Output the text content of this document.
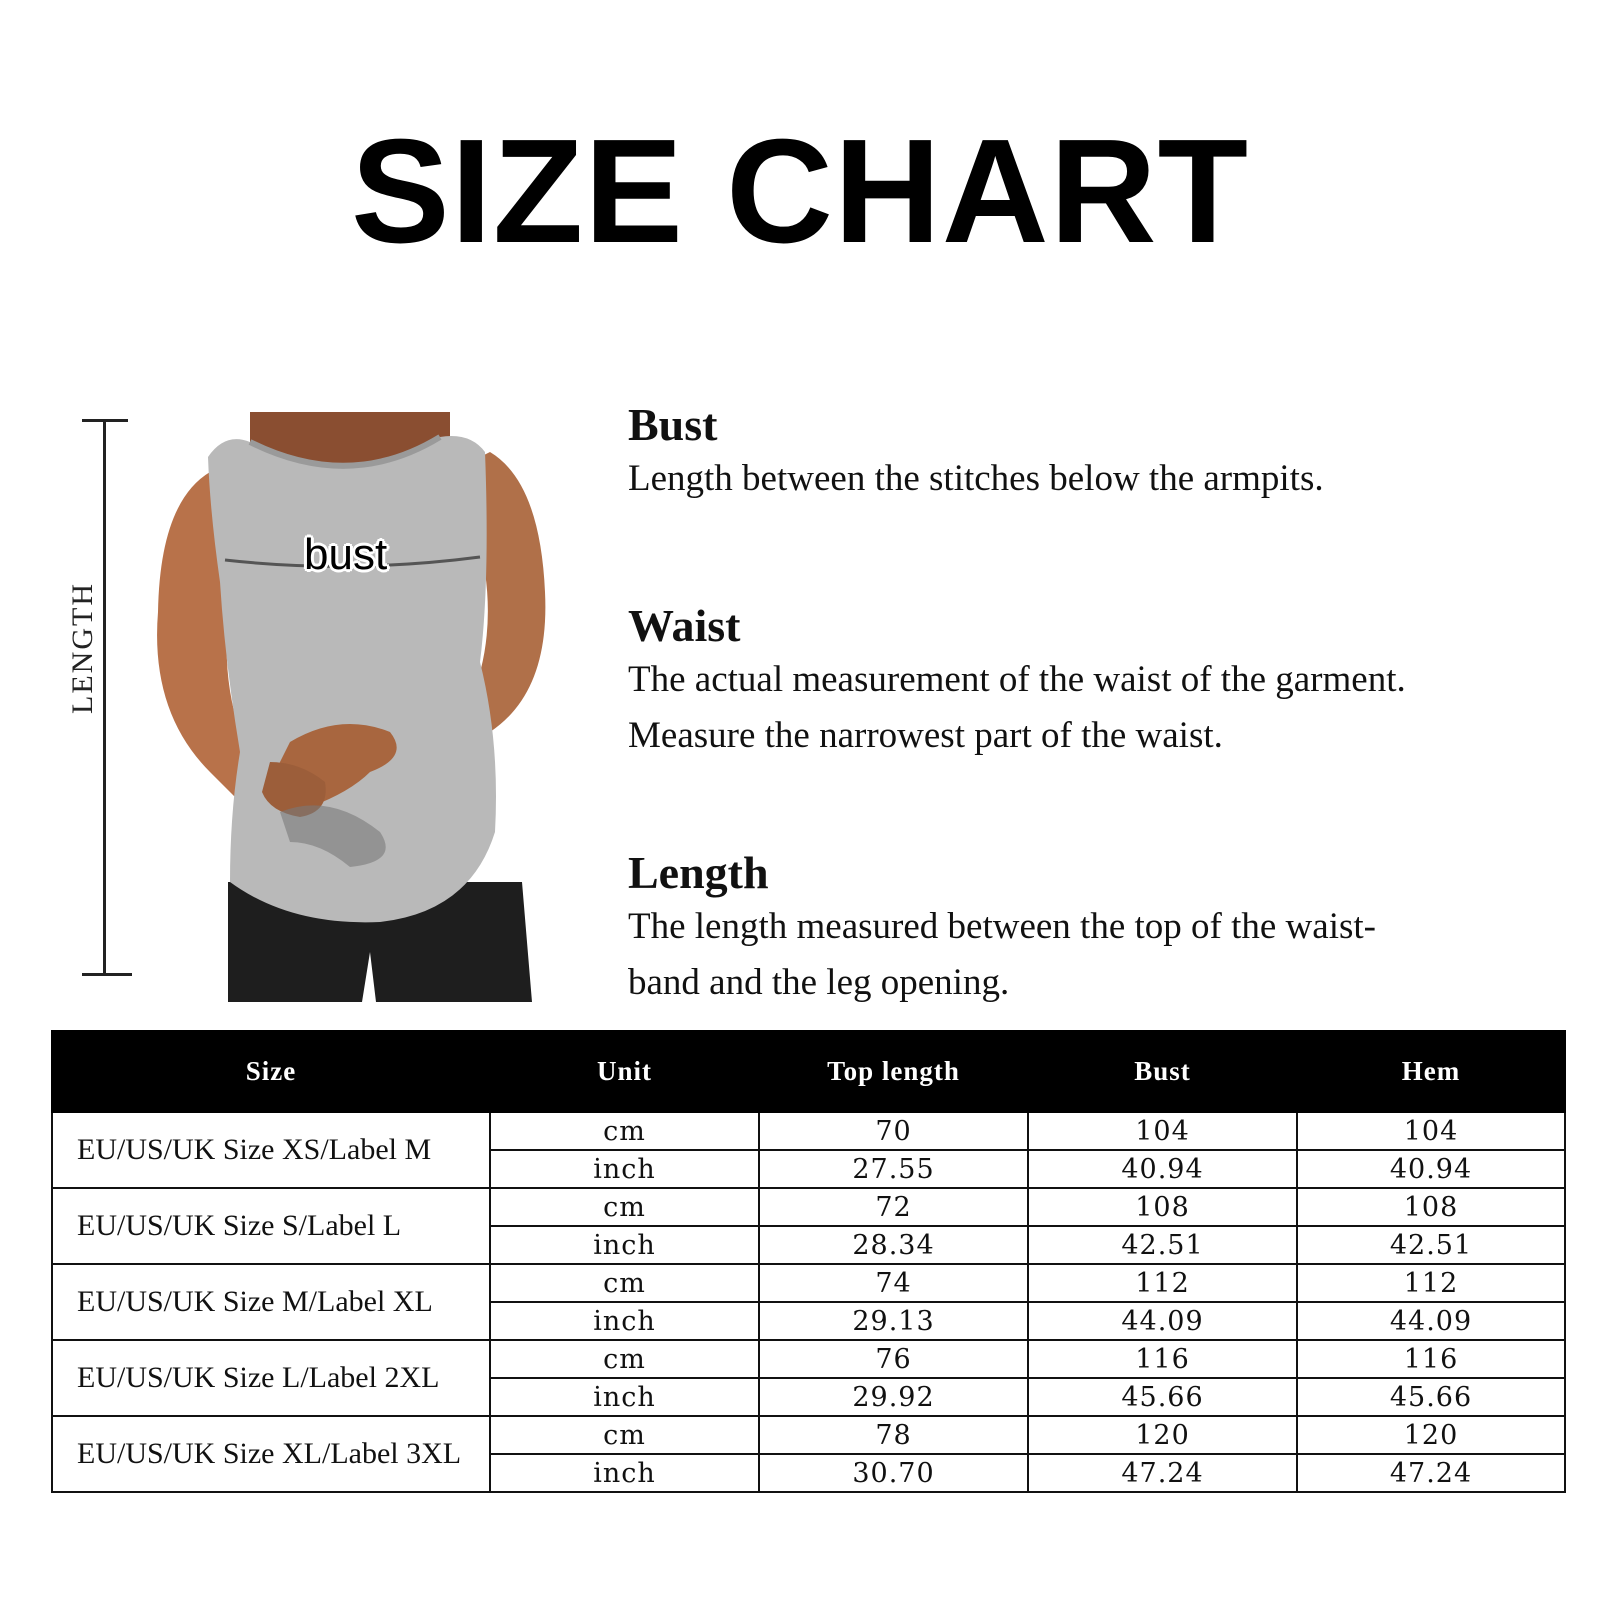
SIZE CHART
LENGTH
bust
Bust
Length between the stitches below the armpits.
Waist
The actual measurement of the waist of the garment.
Measure the narrowest part of the waist.
Length
The length measured between the top of the waist-
band and the leg opening.
Size	Unit	Top length	Bust	Hem
EU/US/UK Size XS/Label M	cm	70	104	104
	inch	27.55	40.94	40.94
EU/US/UK Size S/Label L	cm	72	108	108
	inch	28.34	42.51	42.51
EU/US/UK Size M/Label XL	cm	74	112	112
	inch	29.13	44.09	44.09
EU/US/UK Size L/Label 2XL	cm	76	116	116
	inch	29.92	45.66	45.66
EU/US/UK Size XL/Label 3XL	cm	78	120	120
	inch	30.70	47.24	47.24
